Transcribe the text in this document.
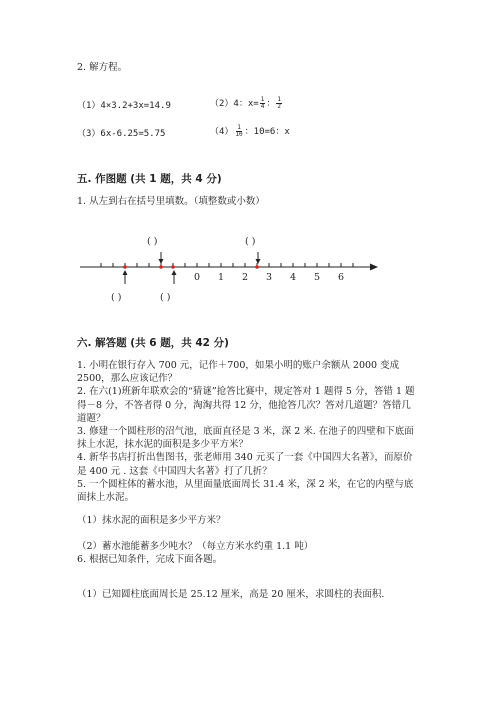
2. 解方程。
（1）4×3.2+3x=14.9	（2）4：$x= \frac{1}{4}$ ： $\frac{1}{2}$
（3）6x-6.25=5.75	$(4) \frac{1}{10}$ ：10=6：x
五. 作图题 (共 1 题，共 4 分)
1. 从左到右在括号里填数。（填整数或小数）
0 1 2 3 4 5 6
( )	( )
( )	( )
六. 解答题 (共 6 题，共 42 分)
1. 小明在银行存入 700 元，记作＋700，如果小明的账户余额从 2000 变成 2500，那么应该记作？
2. 在六(1)班新年联欢会的“猜谜”抢答比赛中，规定答对 1 题得 5 分，答错 1 题得－8 分，不答者得 0 分，淘淘共得 12 分，他抢答几次？答对几道题？答错几道题？
3. 修建一个圆柱形的沼气池，底面直径是 3 米，深 2 米. 在池子的四壁和下底面抹上水泥，抹水泥的面积是多少平方米？
4. 新华书店打折出售图书，张老师用 340 元买了一套《中国四大名著》，而原价是 400 元 . 这套《中国四大名著》打了几折？
5. 一个圆柱体的蓄水池，从里面量底面周长 31.4 米，深 2 米，在它的内壁与底面抹上水泥。
（1）抹水泥的面积是多少平方米？
（2）蓄水池能蓄多少吨水？（每立方米水约重 1.1 吨）
6. 根据已知条件，完成下面各题。
（1）已知圆柱底面周长是 25.12 厘米，高是 20 厘米，求圆柱的表面积.
